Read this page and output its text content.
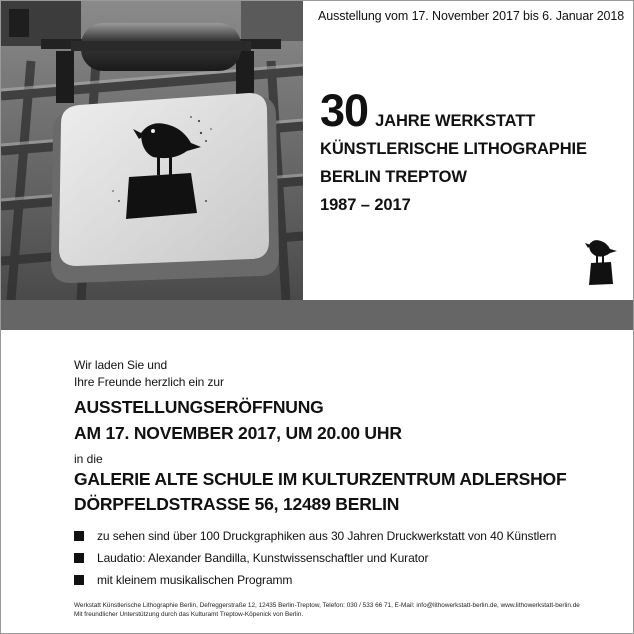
Ausstellung vom 17. November 2017 bis 6. Januar 2018
30 JAHRE WERKSTATT
KÜNSTLERISCHE LITHOGRAPHIE
BERLIN TREPTOW
1987 – 2017
Wir laden Sie und
Ihre Freunde herzlich ein zur
AUSSTELLUNGSERÖFFNUNG
AM 17. NOVEMBER 2017, UM 20.00 UHR
in die
GALERIE ALTE SCHULE IM KULTURZENTRUM ADLERSHOF
DÖRPFELDSTRASSE 56, 12489 BERLIN
zu sehen sind über 100 Druckgraphiken aus 30 Jahren Druckwerkstatt von 40 Künstlern
Laudatio: Alexander Bandilla, Kunstwissenschaftler und Kurator
mit kleinem musikalischen Programm
Werkstatt Künstlerische Lithographie Berlin, Defreggerstraße 12, 12435 Berlin-Treptow, Telefon: 030 / 533 66 71, E-Mail: info@lithowerkstatt-berlin.de, www.lithowerkstatt-berlin.de
Mit freundlicher Unterstützung durch das Kulturamt Treptow-Köpenick von Berlin.
